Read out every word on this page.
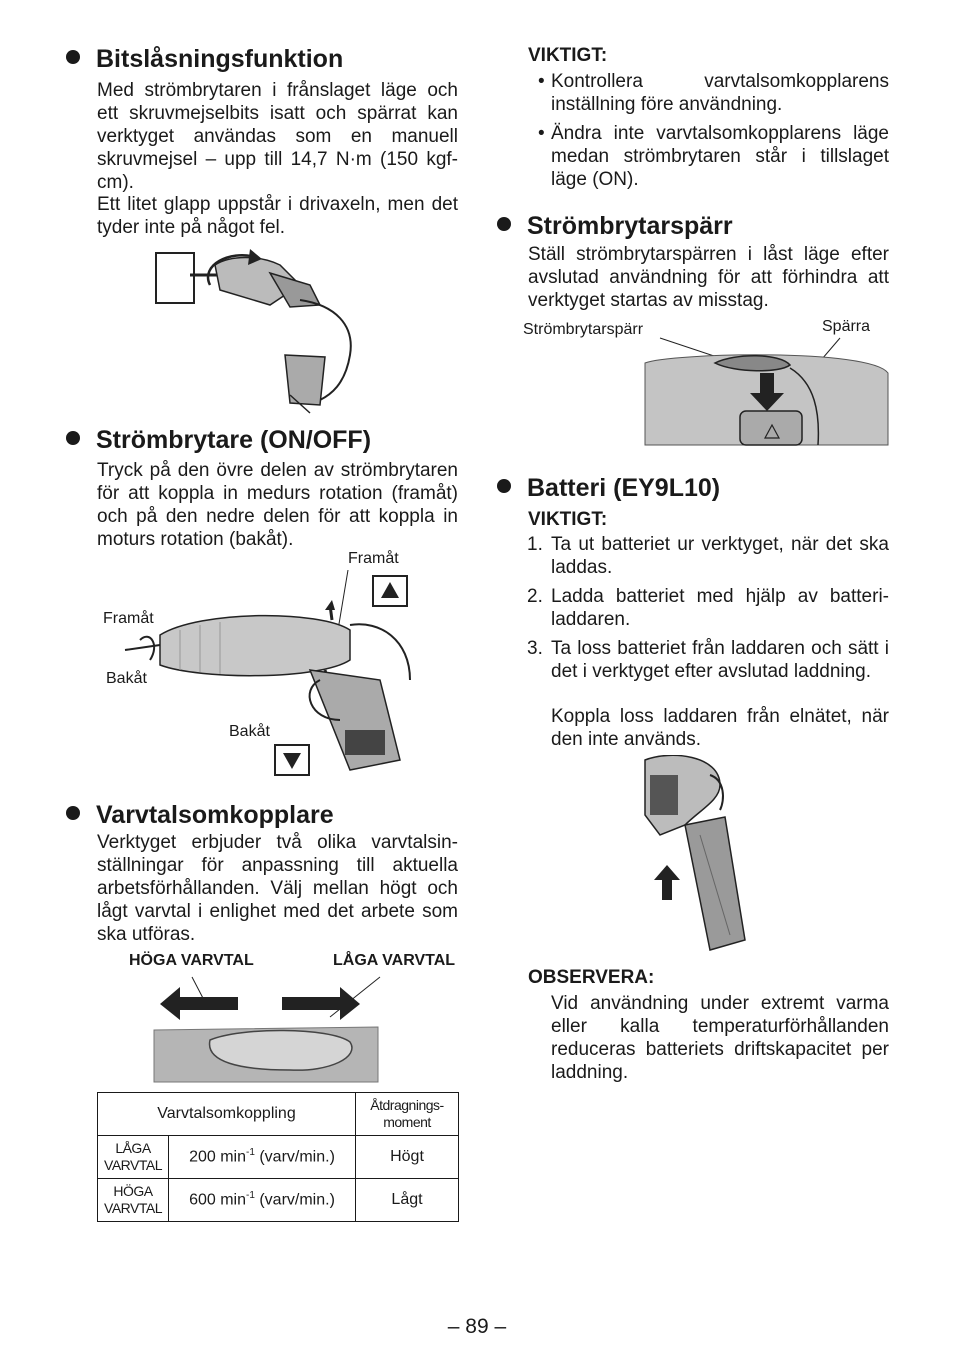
Bitslåsningsfunktion

Med strömbrytaren i frånslaget läge och ett skruvmejselbits isatt och spärrat kan verktyget användas som en manuell skruvmejsel – upp till 14,7 N·m (150 kgf-cm).

Ett litet glapp uppstår i drivaxeln, men det tyder inte på något fel.

Strömbrytare (ON/OFF)

Tryck på den övre delen av strömbrytaren för att koppla in medurs rotation (framåt) och på den nedre delen för att koppla in moturs rotation (bakåt).

Framåt
Framåt
Bakåt
Bakåt
Varvtalsomkopplare

Verktyget erbjuder två olika varvtalsinställningar för anpassning till aktuella arbetsförhållanden. Välj mellan högt och lågt varvtal i enlighet med det arbete som ska utföras.

HÖGA VARVTAL	LÅGA VARVTAL
Varvtalsomkoppling		Åtdragnings-
moment

LÅGA
VARVTAL	200 $\min^{-1}$ (varv/min.)	Högt

HÖGA
VARVTAL	600 $\min^{-1}$ (varv/min.)	Lågt
VIKTIGT:

• Kontrollera varvtalsomkopplarens inställning före användning.

• Ändra inte varvtalsomkopplarens läge medan strömbrytaren står i tillslaget läge (ON).

Strömbrytarspärr

Ställ strömbrytarspärren i låst läge efter avslutad användning för att förhindra att verktyget startas av misstag.

Strömbrytarspärr	Spärra
Batteri (EY9L10)
VIKTIGT:

1. Ta ut batteriet ur verktyget, när det ska laddas.

2. Ladda batteriet med hjälp av batteriladdaren.

3. Ta loss batteriet från laddaren och sätt i det i verktyget efter avslutad laddning.

Koppla loss laddaren från elnätet, när den inte används.

OBSERVERA:

Vid användning under extremt varma eller kalla temperaturförhållanden reduceras batteriets driftskapacitet per laddning.

– 89 –
